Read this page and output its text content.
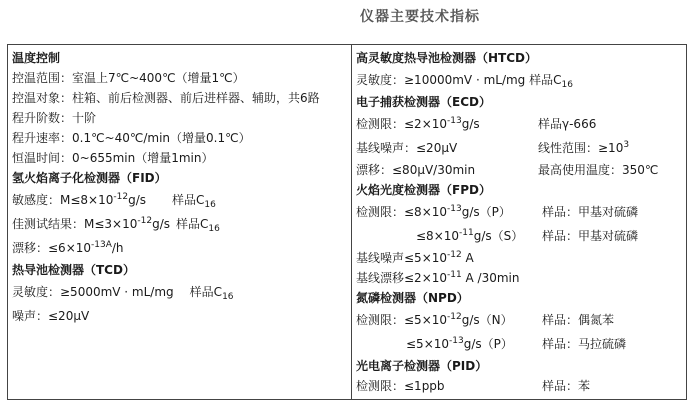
仪器主要技术指标
温度控制
控温范围：室温上7℃~400℃（增量1℃）
控温对象：柱箱、前后检测器、前后进样器、辅助，共6路
程升阶数：十阶
程升速率：0.1℃~40℃/min（增量0.1℃）
恒温时间：0~655min（增量1min）
氢火焰离子化检测器（FID）
敏感度：$M\le 8\times 10^{-12}g/s$ 样品$C_{16}$
佳测试结果：$M\le 3\times 10^{-12}g/s$ 样品$C_{16}$
漂移：$\le 6\times 10^{-13A}/h$
热导池检测器（TCD）
灵敏度：≥5000mV · mL/mg 样品$C_{16}$
噪声：≤20μV

高灵敏度热导池检测器（HTCD）
灵敏度：≥10000mV · mL/mg 样品$C_{16}$
电子捕获检测器（ECD）
检测限：$\le 2\times 10^{-13}g/s$	样品γ-666
基线噪声：≤20μV	线性范围：$\ge 10^3$
漂移：≤80μV/30min	最高使用温度：350℃
火焰光度检测器（FPD）
检测限：$\le 8\times 10^{-13}g/s(P)$	样品：甲基对硫磷
$\le 8\times 10^{-11}g/s(S)$ 样品：甲基对硫磷
基线噪声$\le 5\times 10^{-12}$ A
基线漂移$\le 2\times 10^{-11}$ A /30min
氮磷检测器（NPD）
检测限：$\le 5\times 10^{-12}g/s(N)$ 样品：偶氮苯
$\le 5\times 10^{-13}g/s(P)$ 样品：马拉硫磷
光电离子检测器（PID）
检测限：≤1ppb	样品：苯
